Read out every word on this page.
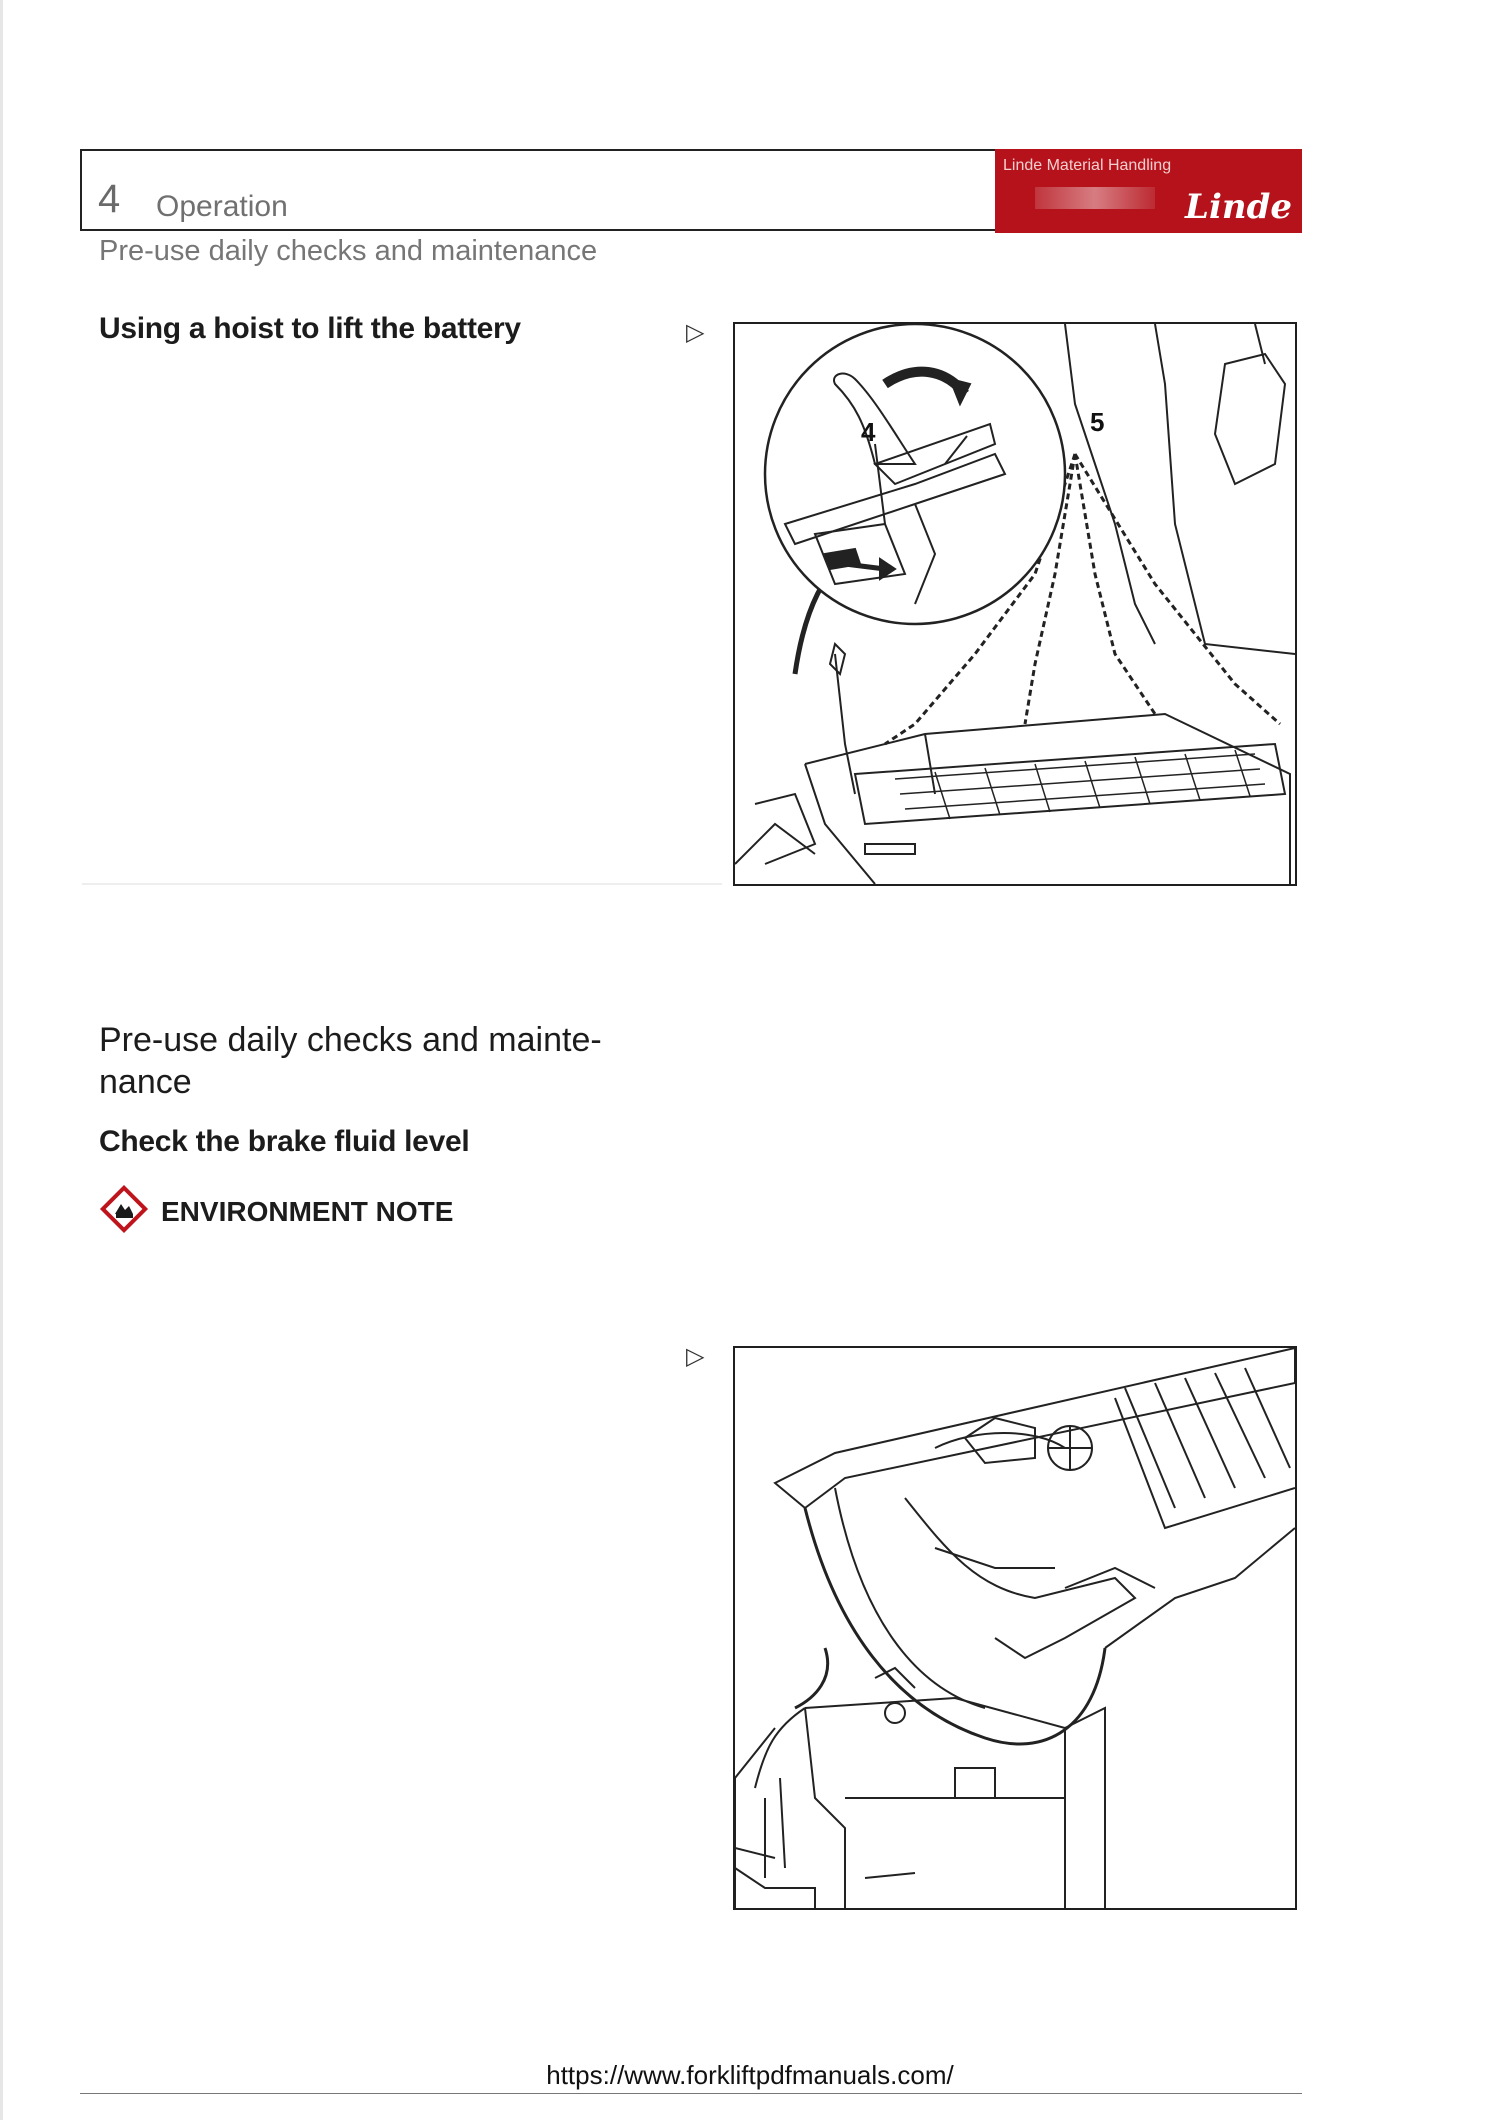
4 Operation
Linde Material Handling
Linde
Pre-use daily checks and maintenance
Using a hoist to lift the battery	▷
4	5
Pre-use daily checks and mainte-
nance
Check the brake fluid level
ENVIRONMENT NOTE
▷
https://www.forkliftpdfmanuals.com/
